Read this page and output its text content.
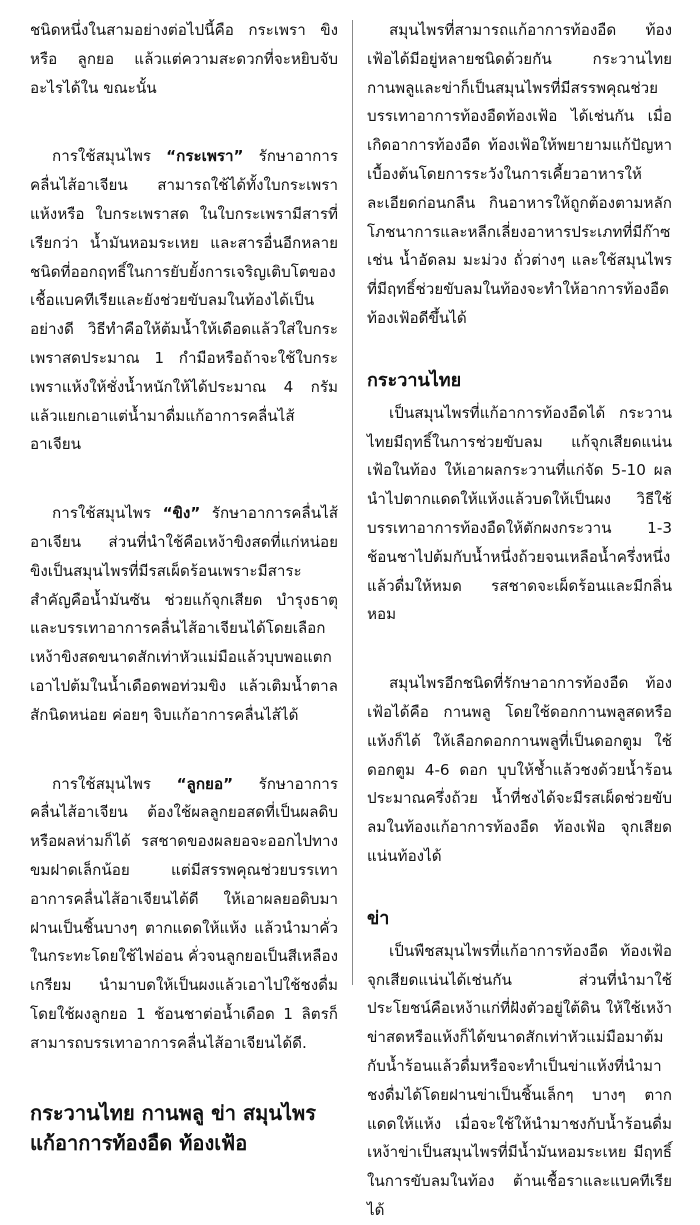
ชนิดหนึ่งในสามอย่างต่อไปนี้คือ กระเพรา ขิงหรือ ลูกยอ แล้วแต่ความสะดวกที่จะหยิบจับอะไรได้ใน ขณะนั้น

การใช้สมุนไพร “กระเพรา” รักษาอาการคลื่นไส้อาเจียน สามารถใช้ได้ทั้งใบกระเพราแห้งหรือ ใบกระเพราสด ในใบกระเพรามีสารที่เรียกว่า น้ำมันหอมระเหย และสารอื่นอีกหลายชนิดที่ออกฤทธิ์ในการยับยั้งการเจริญเติบโตของเชื้อแบคทีเรียและยังช่วยขับลมในท้องได้เป็นอย่างดี วิธีทำคือให้ต้มน้ำให้เดือดแล้วใส่ใบกระเพราสดประมาณ 1 กำมือหรือถ้าจะใช้ใบกระเพราแห้งให้ชั่งน้ำหนักให้ได้ประมาณ 4 กรัม แล้วแยกเอาแต่น้ำมาดื่มแก้อาการคลื่นไส้อาเจียน

การใช้สมุนไพร “ขิง” รักษาอาการคลื่นไส้อาเจียน ส่วนที่นำใช้คือเหง้าขิงสดที่แก่หน่อย ขิงเป็นสมุนไพรที่มีรสเผ็ดร้อนเพราะมีสาระสำคัญคือน้ำมันซัน ช่วยแก้จุกเสียด บำรุงธาตุและบรรเทาอาการคลื่นไส้อาเจียนได้โดยเลือกเหง้าขิงสดขนาดสักเท่าหัวแม่มือแล้วบุบพอแตก เอาไปต้มในน้ำเดือดพอท่วมขิง แล้วเติมน้ำตาลสักนิดหน่อย ค่อยๆ จิบแก้อาการคลื่นไส้ได้

การใช้สมุนไพร “ลูกยอ” รักษาอาการคลื่นไส้อาเจียน ต้องใช้ผลลูกยอสดที่เป็นผลดิบหรือผลห่ามก็ได้ รสชาดของผลยอจะออกไปทางขมฝาดเล็กน้อย แต่มีสรรพคุณช่วยบรรเทาอาการคลื่นไส้อาเจียนได้ดี ให้เอาผลยอดิบมาฝานเป็นชิ้นบางๆ ตากแดดให้แห้ง แล้วนำมาคั่วในกระทะโดยใช้ไฟอ่อน คั่วจนลูกยอเป็นสีเหลืองเกรียม นำมาบดให้เป็นผงแล้วเอาไปใช้ชงดื่ม โดยใช้ผงลูกยอ 1 ช้อนชาต่อน้ำเดือด 1 ลิตรก็สามารถบรรเทาอาการคลื่นไส้อาเจียนได้ดี.

กระวานไทย กานพลู ข่า สมุนไพรแก้อาการท้องอืด ท้องเฟ้อ

สมุนไพรที่สามารถแก้อาการท้องอืด ท้องเฟ้อได้มีอยู่หลายชนิดด้วยกัน กระวานไทย กานพลูและข่าก็เป็นสมุนไพรที่มีสรรพคุณช่วยบรรเทาอาการท้องอืดท้องเฟ้อ ได้เช่นกัน เมื่อเกิดอาการท้องอืด ท้องเฟ้อให้พยายามแก้ปัญหาเบื้องต้นโดยการระวังในการเคี้ยวอาหารให้ละเอียดก่อนกลืน กินอาหารให้ถูกต้องตามหลักโภชนาการและหลีกเลี่ยงอาหารประเภทที่มีก๊าซ เช่น น้ำอัดลม มะม่วง ถั่วต่างๆ และใช้สมุนไพรที่มีฤทธิ์ช่วยขับลมในท้องจะทำให้อาการท้องอืดท้องเฟ้อดีขึ้นได้

กระวานไทย

เป็นสมุนไพรที่แก้อาการท้องอืดได้ กระวานไทยมีฤทธิ์ในการช่วยขับลม แก้จุกเสียดแน่นเฟ้อในท้อง ให้เอาผลกระวานที่แก่จัด 5-10 ผลนำไปตากแดดให้แห้งแล้วบดให้เป็นผง วิธีใช้บรรเทาอาการท้องอืดให้ตักผงกระวาน 1-3 ช้อนชาไปต้มกับน้ำหนึ่งถ้วยจนเหลือน้ำครึ่งหนึ่งแล้วดื่มให้หมด รสชาดจะเผ็ดร้อนและมีกลิ่นหอม

สมุนไพรอีกชนิดที่รักษาอาการท้องอืด ท้องเฟ้อได้คือ กานพลู โดยใช้ดอกกานพลูสดหรือแห้งก็ได้ ให้เลือกดอกกานพลูที่เป็นดอกตูม ใช้ดอกตูม 4-6 ดอก บุบให้ช้ำแล้วชงด้วยน้ำร้อนประมาณครึ่งถ้วย น้ำที่ชงได้จะมีรสเผ็ดช่วยขับลมในท้องแก้อาการท้องอืด ท้องเฟ้อ จุกเสียดแน่นท้องได้

ข่า

เป็นพืชสมุนไพรที่แก้อาการท้องอืด ท้องเฟ้อจุกเสียดแน่นได้เช่นกัน ส่วนที่นำมาใช้ประโยชน์คือเหง้าแก่ที่ฝังตัวอยู่ใต้ดิน ให้ใช้เหง้าข่าสดหรือแห้งก็ได้ขนาดสักเท่าหัวแม่มือมาต้มกับน้ำร้อนแล้วดื่มหรือจะทำเป็นข่าแห้งที่นำมาชงดื่มได้โดยฝานข่าเป็นชิ้นเล็กๆ บางๆ ตากแดดให้แห้ง เมื่อจะใช้ให้นำมาชงกับน้ำร้อนดื่ม เหง้าข่าเป็นสมุนไพรที่มีน้ำมันหอมระเหย มีฤทธิ์ในการขับลมในท้อง ต้านเชื้อราและแบคทีเรียได้
